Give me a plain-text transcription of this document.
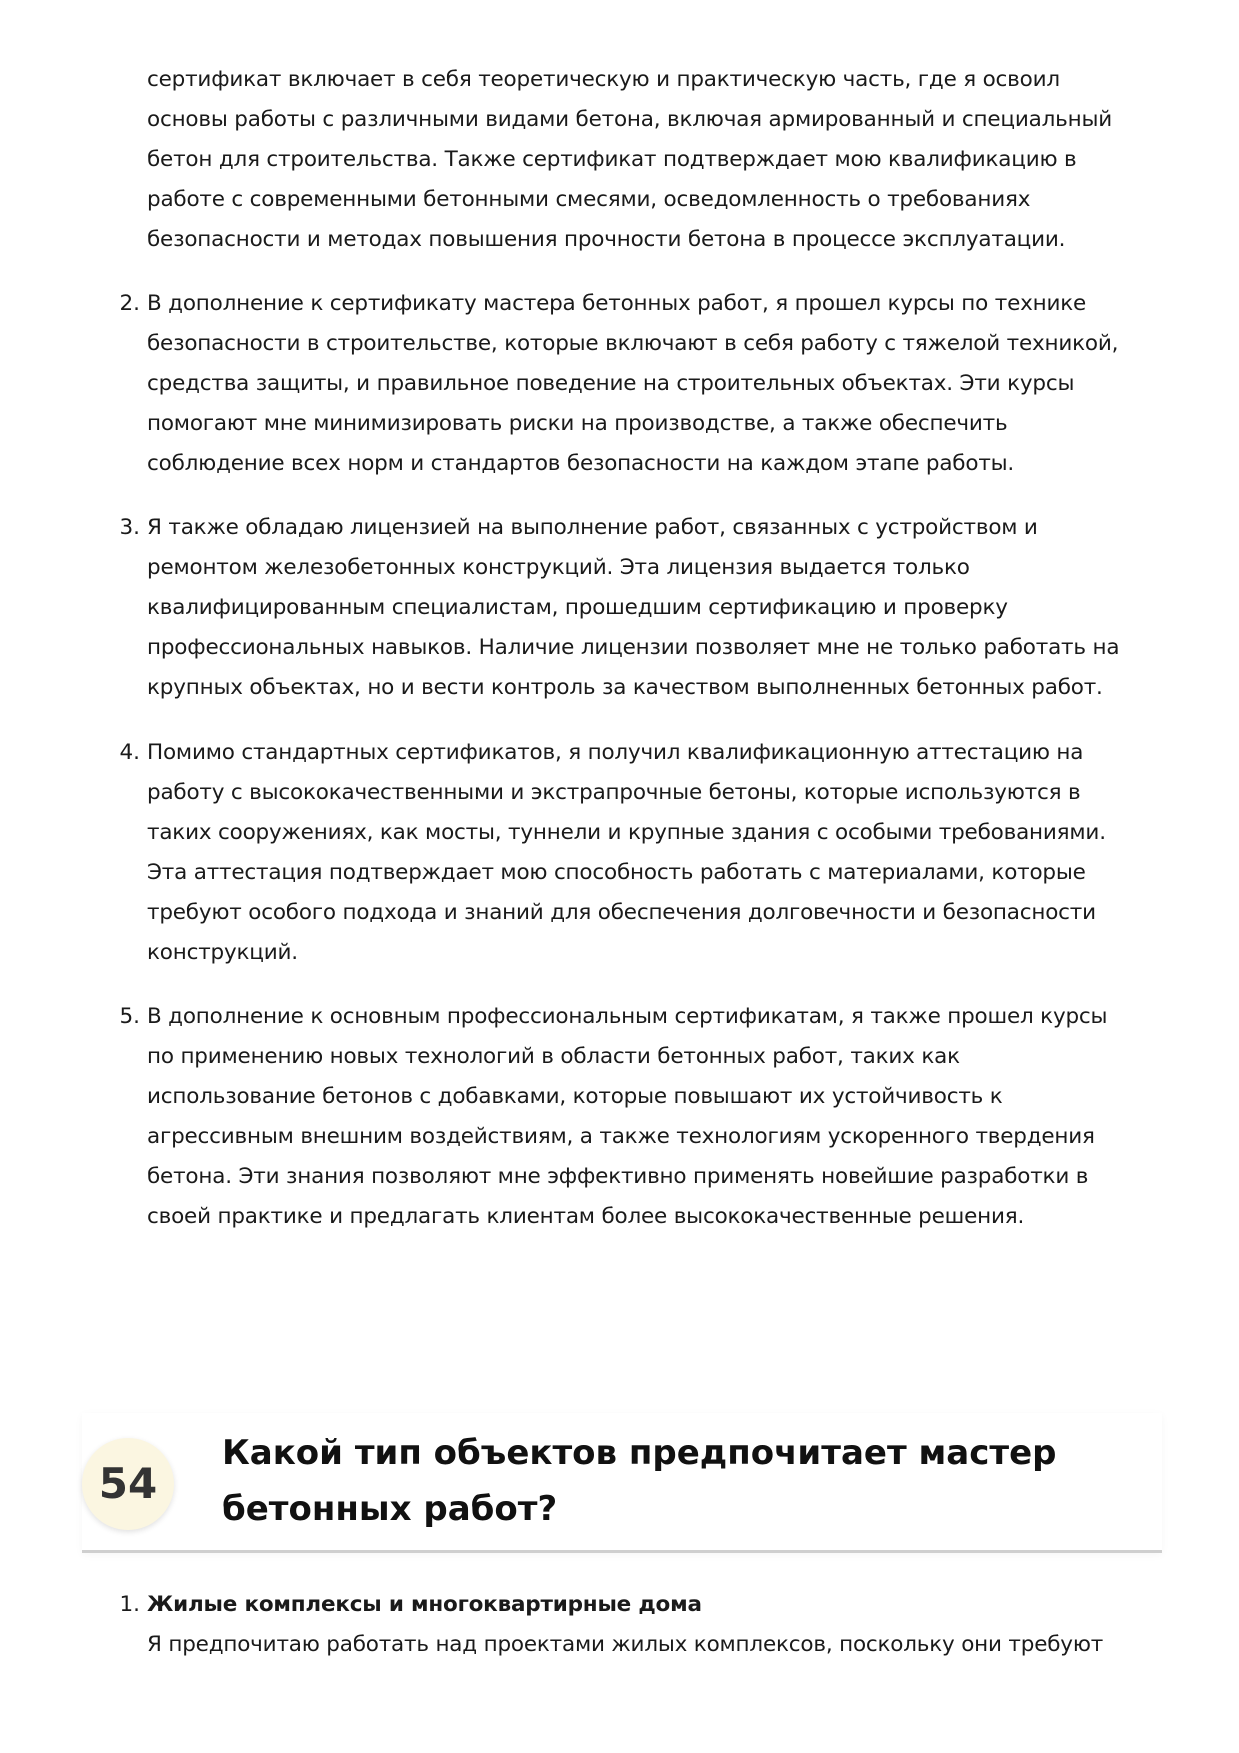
сертификат включает в себя теоретическую и практическую часть, где я освоил
основы работы с различными видами бетона, включая армированный и специальный
бетон для строительства. Также сертификат подтверждает мою квалификацию в
работе с современными бетонными смесями, осведомленность о требованиях
безопасности и методах повышения прочности бетона в процессе эксплуатации.
2. В дополнение к сертификату мастера бетонных работ, я прошел курсы по технике
безопасности в строительстве, которые включают в себя работу с тяжелой техникой,
средства защиты, и правильное поведение на строительных объектах. Эти курсы
помогают мне минимизировать риски на производстве, а также обеспечить
соблюдение всех норм и стандартов безопасности на каждом этапе работы.
3. Я также обладаю лицензией на выполнение работ, связанных с устройством и
ремонтом железобетонных конструкций. Эта лицензия выдается только
квалифицированным специалистам, прошедшим сертификацию и проверку
профессиональных навыков. Наличие лицензии позволяет мне не только работать на
крупных объектах, но и вести контроль за качеством выполненных бетонных работ.
4. Помимо стандартных сертификатов, я получил квалификационную аттестацию на
работу с высококачественными и экстрапрочные бетоны, которые используются в
таких сооружениях, как мосты, туннели и крупные здания с особыми требованиями.
Эта аттестация подтверждает мою способность работать с материалами, которые
требуют особого подхода и знаний для обеспечения долговечности и безопасности
конструкций.
5. В дополнение к основным профессиональным сертификатам, я также прошел курсы
по применению новых технологий в области бетонных работ, таких как
использование бетонов с добавками, которые повышают их устойчивость к
агрессивным внешним воздействиям, а также технологиям ускоренного твердения
бетона. Эти знания позволяют мне эффективно применять новейшие разработки в
своей практике и предлагать клиентам более высококачественные решения.
54
Какой тип объектов предпочитает мастер
бетонных работ?
1. Жилые комплексы и многоквартирные дома
Я предпочитаю работать над проектами жилых комплексов, поскольку они требуют
